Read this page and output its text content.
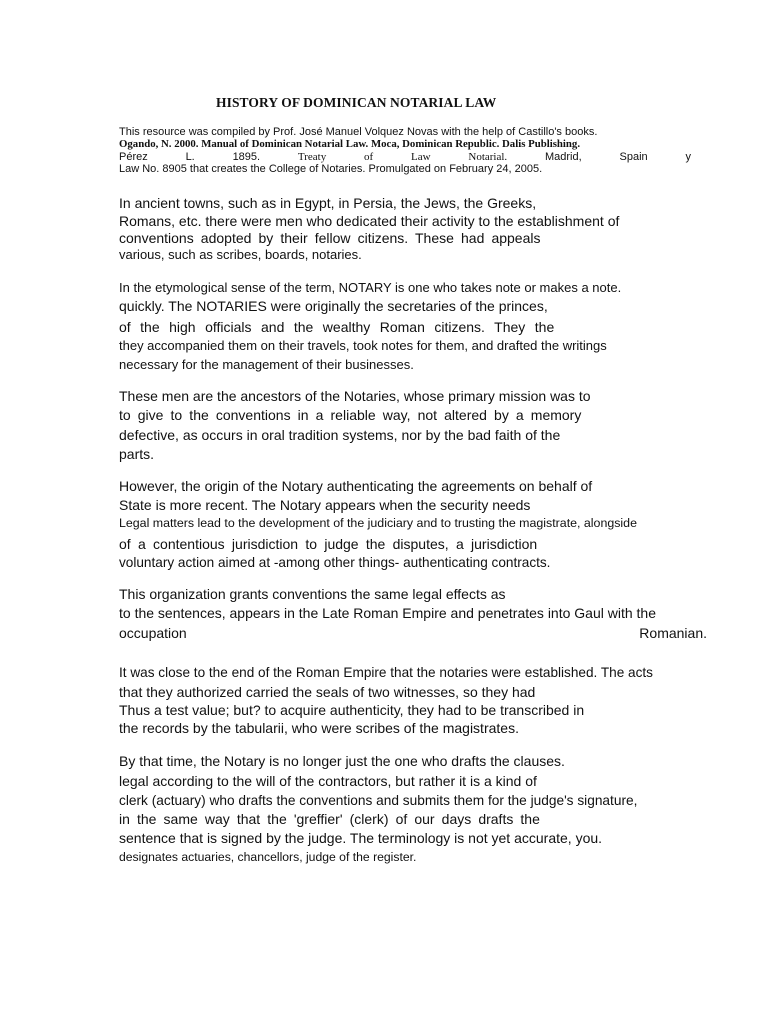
HISTORY OF DOMINICAN NOTARIAL LAW
This resource was compiled by Prof. José Manuel Volquez Novas with the help of Castillo's books.
Ogando, N. 2000. Manual of Dominican Notarial Law. Moca, Dominican Republic. Dalis Publishing.
Pérez	L.	1895.	Treaty	of	Law	Notarial.	Madrid,	Spain	y
Law No. 8905 that creates the College of Notaries. Promulgated on February 24, 2005.
In ancient towns, such as in Egypt, in Persia, the Jews, the Greeks,
Romans, etc. there were men who dedicated their activity to the establishment of
conventions adopted by their fellow citizens. These had appeals
various, such as scribes, boards, notaries.
In the etymological sense of the term, NOTARY is one who takes note or makes a note.
quickly. The NOTARIES were originally the secretaries of the princes,
of the high officials and the wealthy Roman citizens. They the
they accompanied them on their travels, took notes for them, and drafted the writings
necessary for the management of their businesses.
These men are the ancestors of the Notaries, whose primary mission was to
to give to the conventions in a reliable way, not altered by a memory
defective, as occurs in oral tradition systems, nor by the bad faith of the
parts.
However, the origin of the Notary authenticating the agreements on behalf of
State is more recent. The Notary appears when the security needs
Legal matters lead to the development of the judiciary and to trusting the magistrate, alongside
of a contentious jurisdiction to judge the disputes, a jurisdiction
voluntary action aimed at -among other things- authenticating contracts.
This organization grants conventions the same legal effects as
to the sentences, appears in the Late Roman Empire and penetrates into Gaul with the
occupation	Romanian.
It was close to the end of the Roman Empire that the notaries were established. The acts
that they authorized carried the seals of two witnesses, so they had
Thus a test value; but? to acquire authenticity, they had to be transcribed in
the records by the tabularii, who were scribes of the magistrates.
By that time, the Notary is no longer just the one who drafts the clauses.
legal according to the will of the contractors, but rather it is a kind of
clerk (actuary) who drafts the conventions and submits them for the judge's signature,
in the same way that the 'greffier' (clerk) of our days drafts the
sentence that is signed by the judge. The terminology is not yet accurate, you.
designates actuaries, chancellors, judge of the register.
